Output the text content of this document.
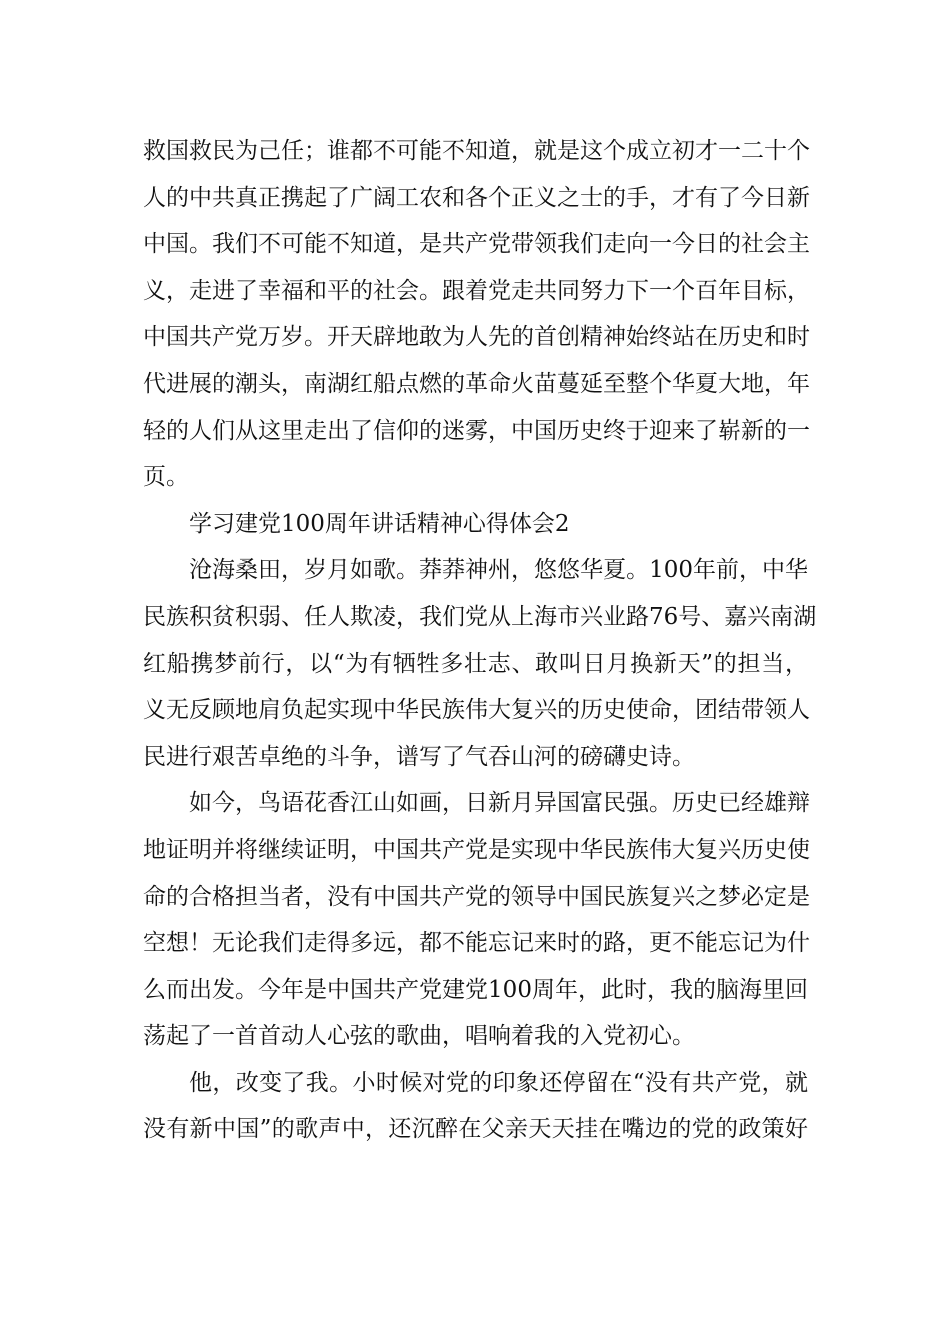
救国救民为己任；谁都不可能不知道，就是这个成立初才一二十个
人的中共真正携起了广阔工农和各个正义之士的手，才有了今日新
中国。我们不可能不知道，是共产党带领我们走向一今日的社会主
义，走进了幸福和平的社会。跟着党走共同努力下一个百年目标，
中国共产党万岁。开天辟地敢为人先的首创精神始终站在历史和时
代进展的潮头，南湖红船点燃的革命火苗蔓延至整个华夏大地，年
轻的人们从这里走出了信仰的迷雾，中国历史终于迎来了崭新的一
页。

学习建党100周年讲话精神心得体会2

沧海桑田，岁月如歌。莽莽神州，悠悠华夏。100年前，中华
民族积贫积弱、任人欺凌，我们党从上海市兴业路76号、嘉兴南湖
红船携梦前行，以“为有牺牲多壮志、敢叫日月换新天”的担当，
义无反顾地肩负起实现中华民族伟大复兴的历史使命，团结带领人
民进行艰苦卓绝的斗争，谱写了气吞山河的磅礴史诗。

如今，鸟语花香江山如画，日新月异国富民强。历史已经雄辩
地证明并将继续证明，中国共产党是实现中华民族伟大复兴历史使
命的合格担当者，没有中国共产党的领导中国民族复兴之梦必定是
空想！无论我们走得多远，都不能忘记来时的路，更不能忘记为什
么而出发。今年是中国共产党建党100周年，此时，我的脑海里回
荡起了一首首动人心弦的歌曲，唱响着我的入党初心。

他，改变了我。小时候对党的印象还停留在“没有共产党，就
没有新中国”的歌声中，还沉醉在父亲天天挂在嘴边的党的政策好
